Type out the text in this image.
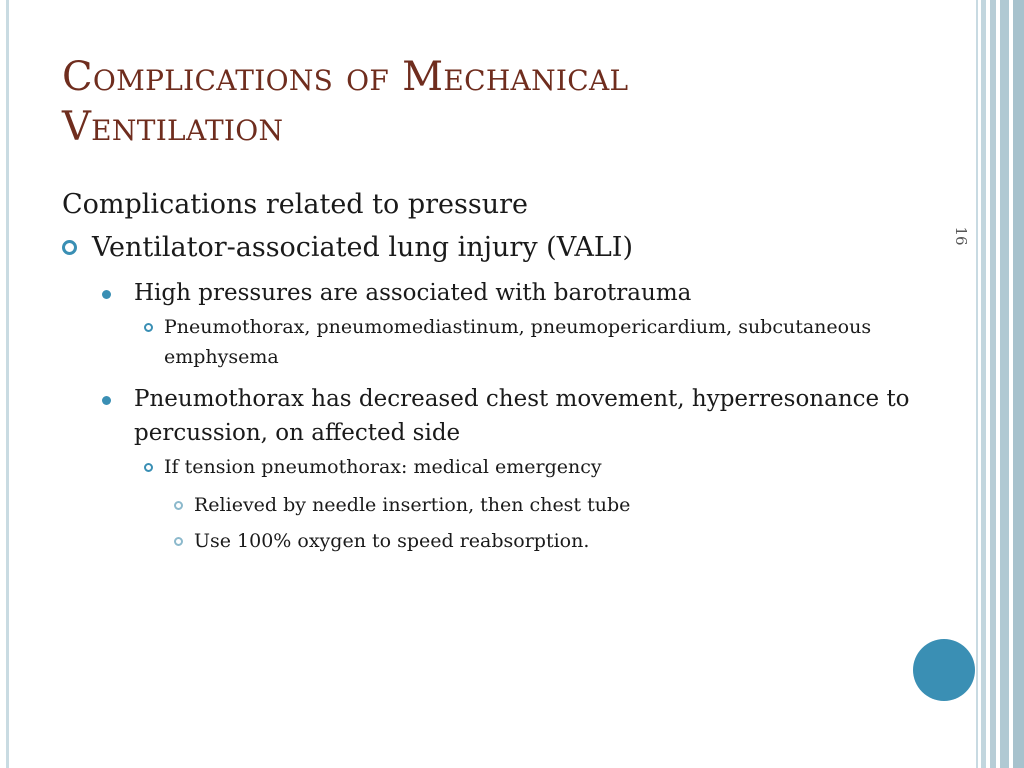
Complications of Mechanical
Ventilation
16

Complications related to pressure

Ventilator-associated lung injury (VALI)
High pressures are associated with barotrauma
Pneumothorax, pneumomediastinum, pneumopericardium, subcutaneous emphysema
Pneumothorax has decreased chest movement, hyperresonance to percussion, on affected side
If tension pneumothorax: medical emergency
Relieved by needle insertion, then chest tube
Use 100% oxygen to speed reabsorption.
